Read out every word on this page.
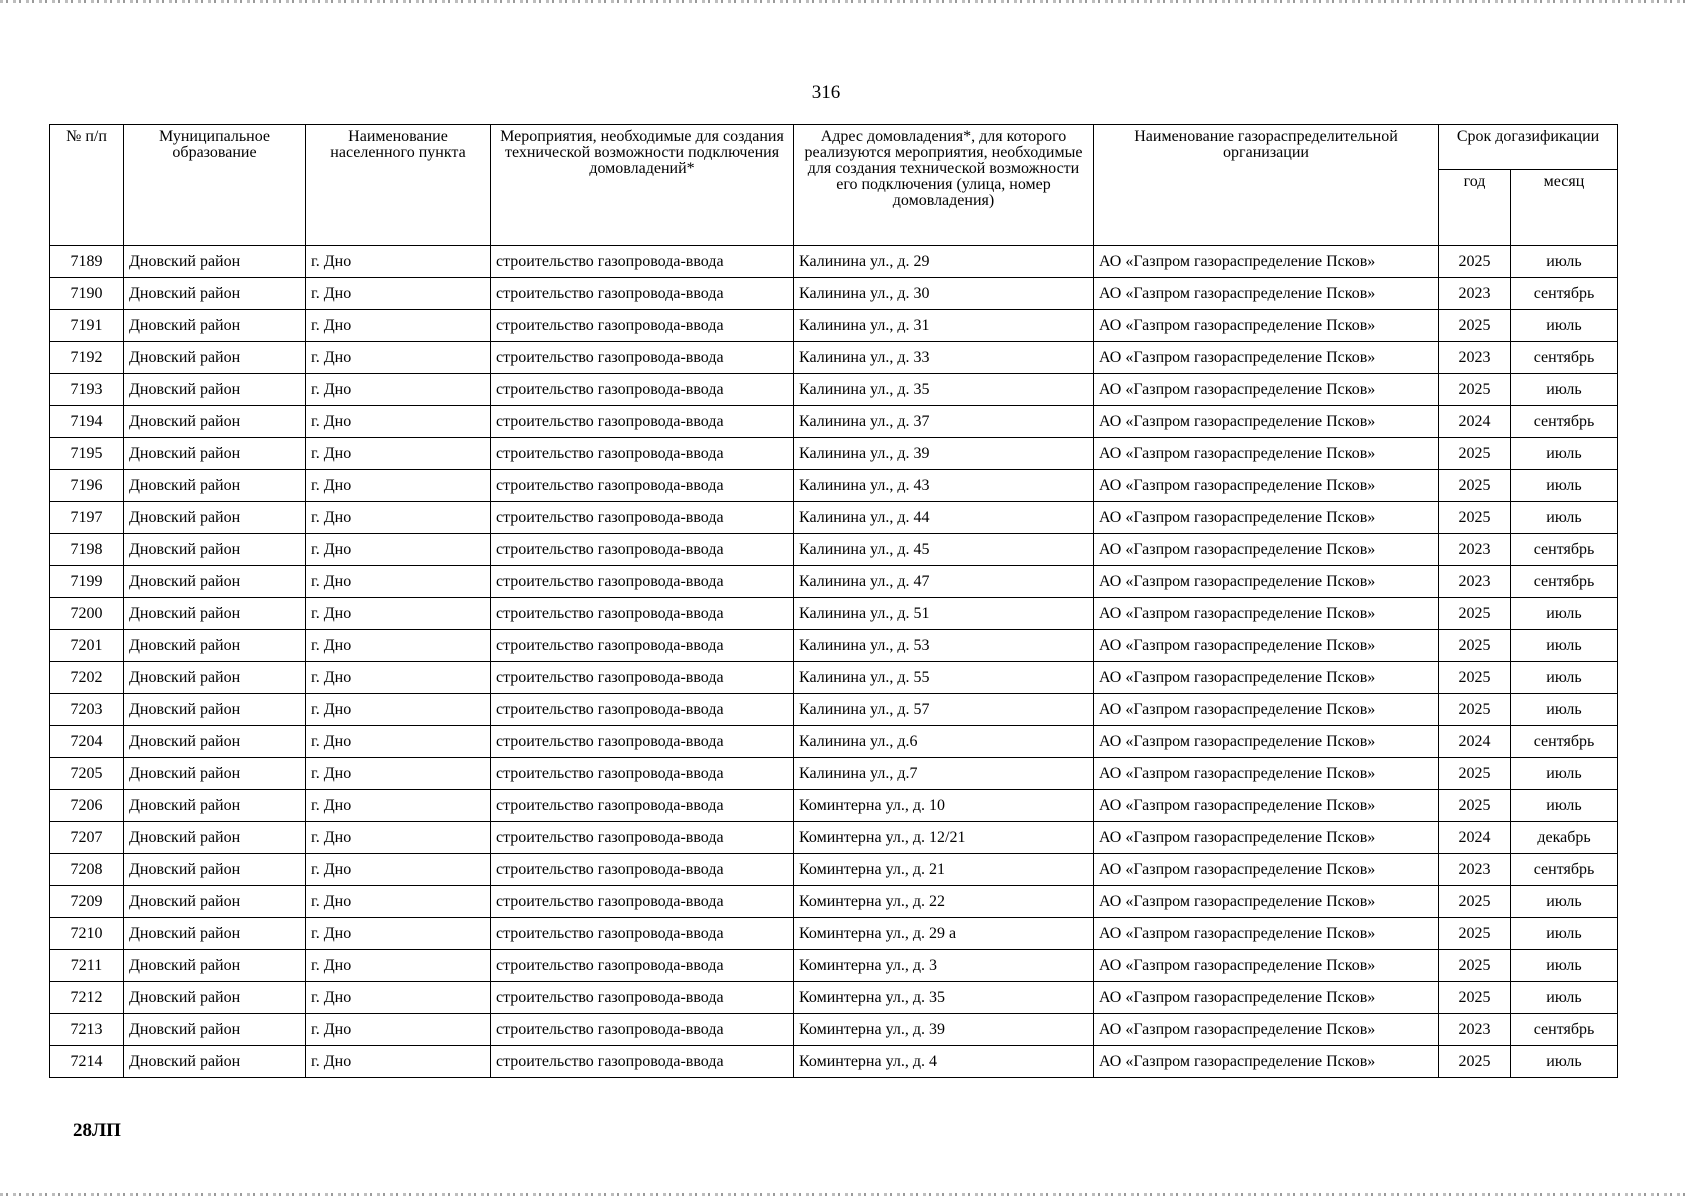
316
№ п/п	Муниципальное образование	Наименование населенного пункта	Мероприятия, необходимые для создания технической возможности подключения домовладений*	Адрес домовладения*, для которого реализуются мероприятия, необходимые для создания технической возможности его подключения (улица, номер домовладения)	Наименование газораспределительной организации	Срок догазификации	
						год	месяц
7189	Дновский район	г. Дно	строительство газопровода-ввода	Калинина ул., д. 29	АО «Газпром газораспределение Псков»	2025	июль
7190	Дновский район	г. Дно	строительство газопровода-ввода	Калинина ул., д. 30	АО «Газпром газораспределение Псков»	2023	сентябрь
7191	Дновский район	г. Дно	строительство газопровода-ввода	Калинина ул., д. 31	АО «Газпром газораспределение Псков»	2025	июль
7192	Дновский район	г. Дно	строительство газопровода-ввода	Калинина ул., д. 33	АО «Газпром газораспределение Псков»	2023	сентябрь
7193	Дновский район	г. Дно	строительство газопровода-ввода	Калинина ул., д. 35	АО «Газпром газораспределение Псков»	2025	июль
7194	Дновский район	г. Дно	строительство газопровода-ввода	Калинина ул., д. 37	АО «Газпром газораспределение Псков»	2024	сентябрь
7195	Дновский район	г. Дно	строительство газопровода-ввода	Калинина ул., д. 39	АО «Газпром газораспределение Псков»	2025	июль
7196	Дновский район	г. Дно	строительство газопровода-ввода	Калинина ул., д. 43	АО «Газпром газораспределение Псков»	2025	июль
7197	Дновский район	г. Дно	строительство газопровода-ввода	Калинина ул., д. 44	АО «Газпром газораспределение Псков»	2025	июль
7198	Дновский район	г. Дно	строительство газопровода-ввода	Калинина ул., д. 45	АО «Газпром газораспределение Псков»	2023	сентябрь
7199	Дновский район	г. Дно	строительство газопровода-ввода	Калинина ул., д. 47	АО «Газпром газораспределение Псков»	2023	сентябрь
7200	Дновский район	г. Дно	строительство газопровода-ввода	Калинина ул., д. 51	АО «Газпром газораспределение Псков»	2025	июль
7201	Дновский район	г. Дно	строительство газопровода-ввода	Калинина ул., д. 53	АО «Газпром газораспределение Псков»	2025	июль
7202	Дновский район	г. Дно	строительство газопровода-ввода	Калинина ул., д. 55	АО «Газпром газораспределение Псков»	2025	июль
7203	Дновский район	г. Дно	строительство газопровода-ввода	Калинина ул., д. 57	АО «Газпром газораспределение Псков»	2025	июль
7204	Дновский район	г. Дно	строительство газопровода-ввода	Калинина ул., д.6	АО «Газпром газораспределение Псков»	2024	сентябрь
7205	Дновский район	г. Дно	строительство газопровода-ввода	Калинина ул., д.7	АО «Газпром газораспределение Псков»	2025	июль
7206	Дновский район	г. Дно	строительство газопровода-ввода	Коминтерна ул., д. 10	АО «Газпром газораспределение Псков»	2025	июль
7207	Дновский район	г. Дно	строительство газопровода-ввода	Коминтерна ул., д. 12/21	АО «Газпром газораспределение Псков»	2024	декабрь
7208	Дновский район	г. Дно	строительство газопровода-ввода	Коминтерна ул., д. 21	АО «Газпром газораспределение Псков»	2023	сентябрь
7209	Дновский район	г. Дно	строительство газопровода-ввода	Коминтерна ул., д. 22	АО «Газпром газораспределение Псков»	2025	июль
7210	Дновский район	г. Дно	строительство газопровода-ввода	Коминтерна ул., д. 29 а	АО «Газпром газораспределение Псков»	2025	июль
7211	Дновский район	г. Дно	строительство газопровода-ввода	Коминтерна ул., д. 3	АО «Газпром газораспределение Псков»	2025	июль
7212	Дновский район	г. Дно	строительство газопровода-ввода	Коминтерна ул., д. 35	АО «Газпром газораспределение Псков»	2025	июль
7213	Дновский район	г. Дно	строительство газопровода-ввода	Коминтерна ул., д. 39	АО «Газпром газораспределение Псков»	2023	сентябрь
7214	Дновский район	г. Дно	строительство газопровода-ввода	Коминтерна ул., д. 4	АО «Газпром газораспределение Псков»	2025	июль
28ЛП
